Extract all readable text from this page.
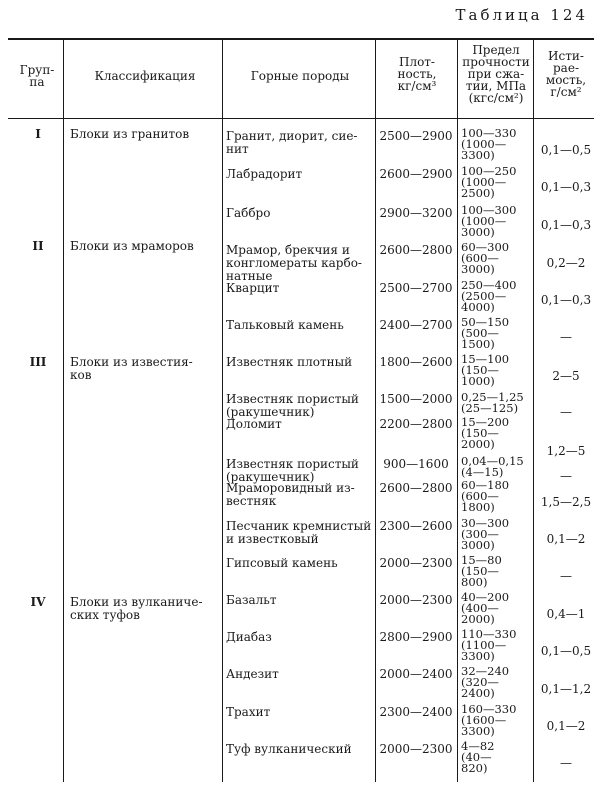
Таблица 124
Груп-
па	Классификация	Горные породы
Плот-
ность,
кг/см³
Предел
прочности
при сжа-
тии, МПа
(кгс/см²)
Исти-
рае-
мость,
г/см²
I
II
III
IV
Блоки из гранитов
Блоки из мраморов
Блоки из известия-
ков
Блоки из вулканиче-
ских туфов
Гранит, диорит, сие-
нит
Лабрадорит
Габбро
Мрамор, брекчия и
конгломераты карбо-
натные
Кварцит
Тальковый камень
Известняк плотный
Известняк пористый
(ракушечник)
Доломит
Известняк пористый
(ракушечник)
Мраморовидный из-
вестняк
Песчаник кремнистый
и известковый
Гипсовый камень
Базальт
Диабаз
Андезит
Трахит
Туф вулканический
2500—2900
2600—2900
2900—3200
2600—2800
2500—2700
2400—2700
1800—2600
1500—2000
2200—2800
900—1600
2600—2800
2300—2600
2000—2300
2000—2300
2800—2900
2000—2400
2300—2400
2000—2300
100—330
(1000—
3300)
100—250
(1000—
2500)
100—300
(1000—
3000)
60—300
(600—
3000)
250—400
(2500—
4000)
50—150
(500—
1500)
15—100
(150—
1000)
0,25—1,25
(25—125)
15—200
(150—
2000)
0,04—0,15
(4—15)
60—180
(600—
1800)
30—300
(300—
3000)
15—80
(150—
800)
40—200
(400—
2000)
110—330
(1100—
3300)
32—240
(320—
2400)
160—330
(1600—
3300)
4—82
(40—
820)
0,1—0,5
0,1—0,3
0,1—0,3
0,2—2
0,1—0,3
—
2—5
—
1,2—5
—
1,5—2,5
0,1—2
—
0,4—1
0,1—0,5
0,1—1,2
0,1—2
—
